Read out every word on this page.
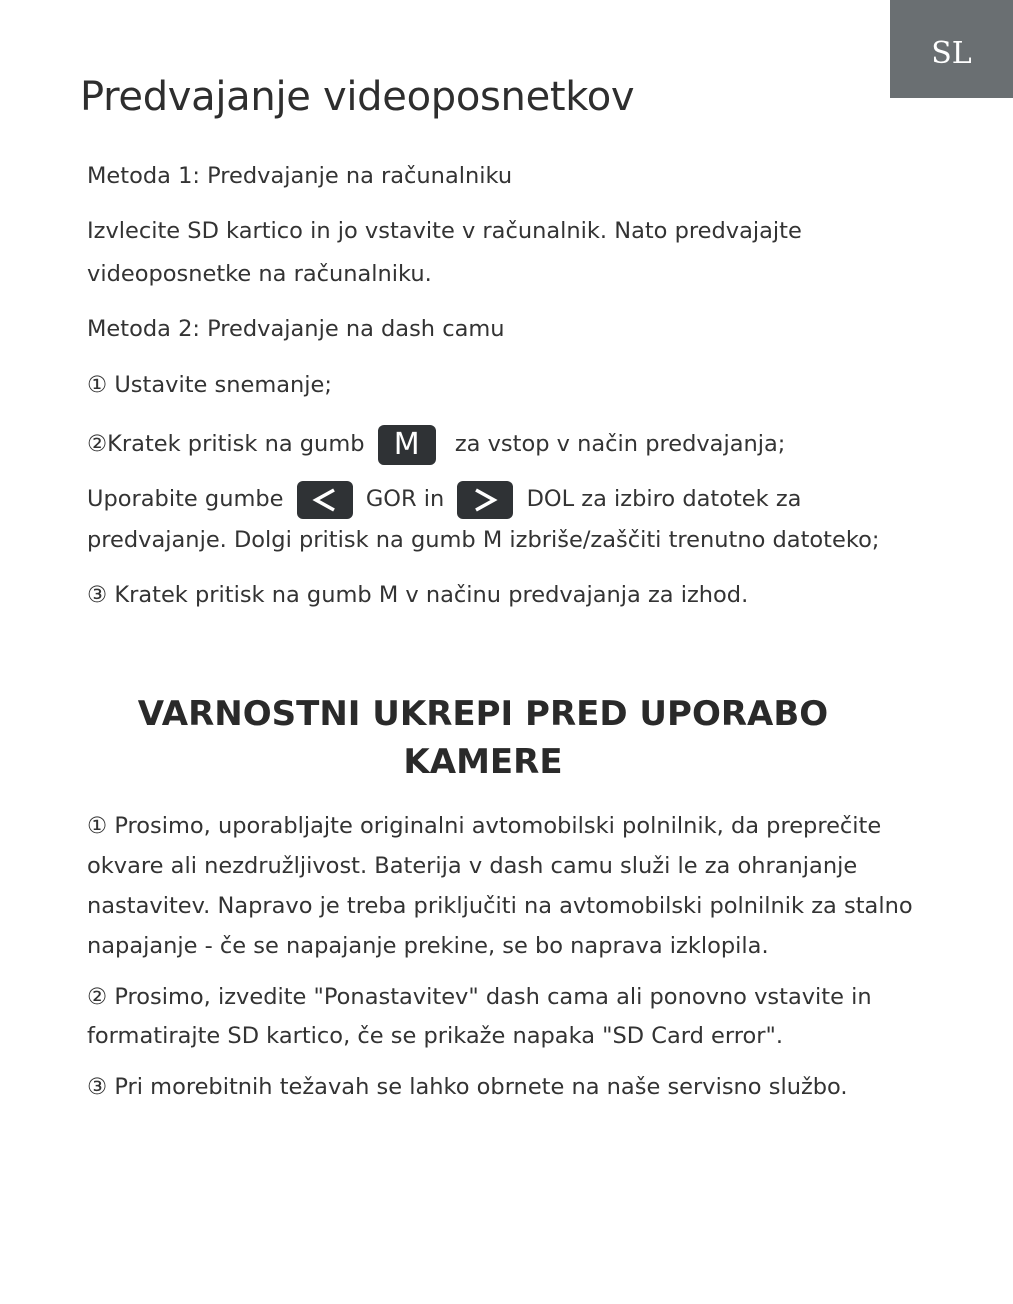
SL
Predvajanje videoposnetkov

Metoda 1: Predvajanje na računalniku

Izvlecite SD kartico in jo vstavite v računalnik. Nato predvajajte

videoposnetke na računalniku.

Metoda 2: Predvajanje na dash camu

① Ustavite snemanje;

②Kratek pritisk na gumb M za vstop v način predvajanja;

Uporabite gumbe	GOR in	DOL za izbiro datotek za

predvajanje. Dolgi pritisk na gumb M izbriše/zaščiti trenutno datoteko;

③ Kratek pritisk na gumb M v načinu predvajanja za izhod.

VARNOSTNI UKREPI PRED UPORABO
KAMERE

① Prosimo, uporabljajte originalni avtomobilski polnilnik, da preprečite

okvare ali nezdružljivost. Baterija v dash camu služi le za ohranjanje

nastavitev. Napravo je treba priključiti na avtomobilski polnilnik za stalno

napajanje - če se napajanje prekine, se bo naprava izklopila.

② Prosimo, izvedite "Ponastavitev" dash cama ali ponovno vstavite in

formatirajte SD kartico, če se prikaže napaka "SD Card error".

③ Pri morebitnih težavah se lahko obrnete na naše servisno službo.
